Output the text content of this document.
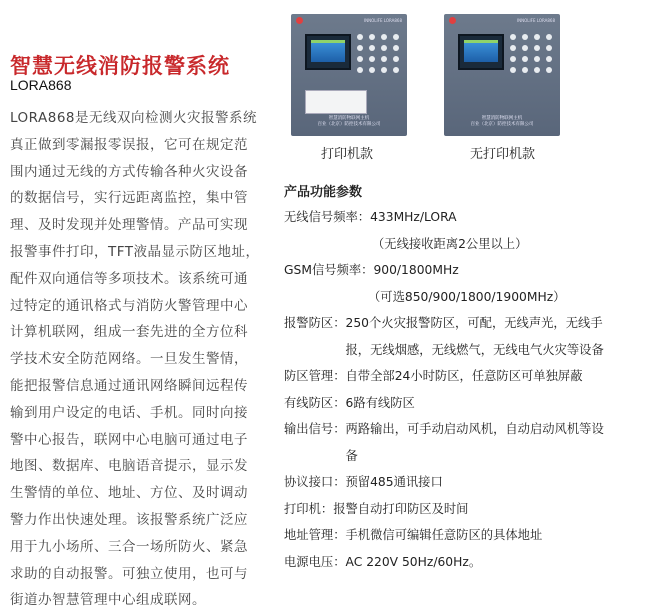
智慧无线消防报警系统
LORA868
LORA868是无线双向检测火灾报警系统真正做到零漏报零误报，它可在规定范围内通过无线的方式传输各种火灾设备的数据信号，实行远距离监控，集中管理、及时发现并处理警情。产品可实现报警事件打印，TFT液晶显示防区地址，配件双向通信等多项技术。该系统可通过特定的通讯格式与消防火警管理中心计算机联网，组成一套先进的全方位科学技术安全防范网络。一旦发生警情，能把报警信息通过通讯网络瞬间远程传输到用户设定的电话、手机。同时向接警中心报告，联网中心电脑可通过电子地图、数据库、电脑语音提示，显示发生警情的单位、地址、方位、及时调动警力作出快速处理。该报警系统广泛应用于九小场所、三合一场所防火、紧急求助的自动报警。可独立使用，也可与街道办智慧管理中心组成联网。
INNOLIFE LORA868
智慧消防物联网主机
百业（北京）防控技术有限公司
INNOLIFE LORA868
智慧消防物联网主机
百业（北京）防控技术有限公司
打印机款	无打印机款
产品功能参数
无线信号频率： 433MHz/LORA
（无线接收距离2公里以上）
GSM信号频率： 900/1800MHz
（可选850/900/1800/1900MHz）
报警防区： 250个火灾报警防区，可配，无线声光，无线手报，无线烟感，无线燃气，无线电气火灾等设备
防区管理： 自带全部24小时防区，任意防区可单独屏蔽
有线防区： 6路有线防区
输出信号： 两路输出，可手动启动风机，自动启动风机等设备
协议接口： 预留485通讯接口
打印机： 报警自动打印防区及时间
地址管理： 手机微信可编辑任意防区的具体地址
电源电压： AC 220V 50Hz/60Hz。
